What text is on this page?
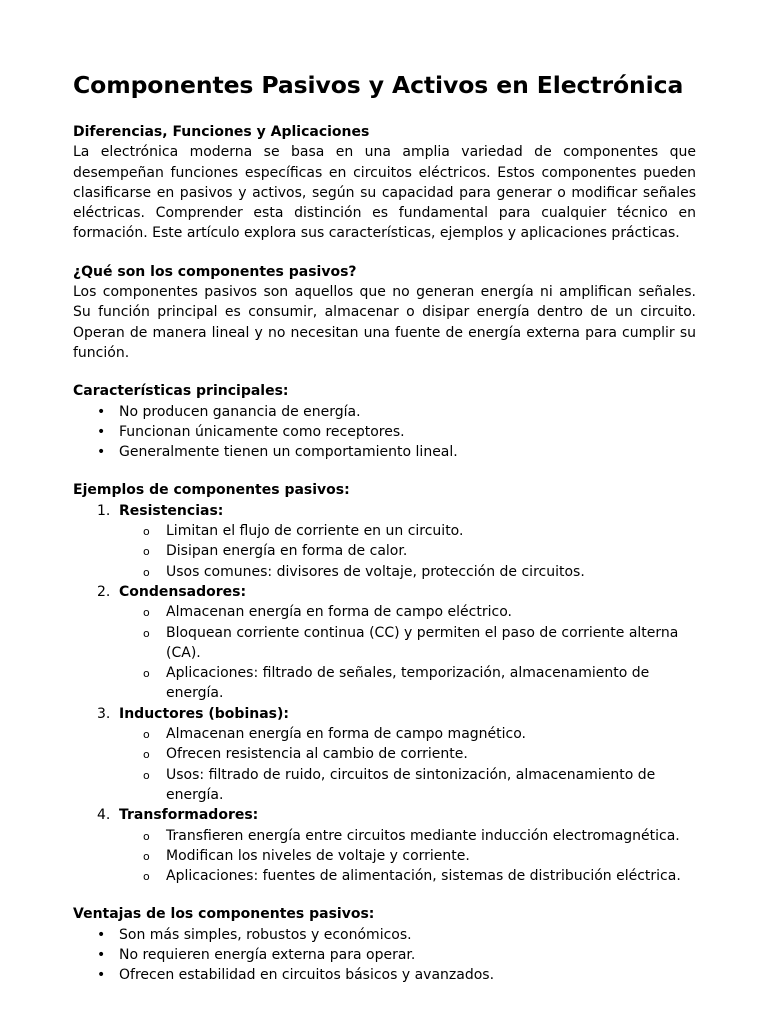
Componentes Pasivos y Activos en Electrónica
Diferencias, Funciones y Aplicaciones

La electrónica moderna se basa en una amplia variedad de componentes que desempeñan funciones específicas en circuitos eléctricos. Estos componentes pueden clasificarse en pasivos y activos, según su capacidad para generar o modificar señales eléctricas. Comprender esta distinción es fundamental para cualquier técnico en formación. Este artículo explora sus características, ejemplos y aplicaciones prácticas.

¿Qué son los componentes pasivos?

Los componentes pasivos son aquellos que no generan energía ni amplifican señales. Su función principal es consumir, almacenar o disipar energía dentro de un circuito. Operan de manera lineal y no necesitan una fuente de energía externa para cumplir su función.

Características principales:
• No producen ganancia de energía.
• Funcionan únicamente como receptores.
• Generalmente tienen un comportamiento lineal.
Ejemplos de componentes pasivos:
1. Resistencias:
o Limitan el flujo de corriente en un circuito.
o Disipan energía en forma de calor.
o Usos comunes: divisores de voltaje, protección de circuitos.
2. Condensadores:
o Almacenan energía en forma de campo eléctrico.
o Bloquean corriente continua (CC) y permiten el paso de corriente alterna (CA).
o Aplicaciones: filtrado de señales, temporización, almacenamiento de energía.
3. Inductores (bobinas):
o Almacenan energía en forma de campo magnético.
o Ofrecen resistencia al cambio de corriente.
o Usos: filtrado de ruido, circuitos de sintonización, almacenamiento de energía.
4. Transformadores:
o Transfieren energía entre circuitos mediante inducción electromagnética.
o Modifican los niveles de voltaje y corriente.
o Aplicaciones: fuentes de alimentación, sistemas de distribución eléctrica.
Ventajas de los componentes pasivos:
• Son más simples, robustos y económicos.
• No requieren energía externa para operar.
• Ofrecen estabilidad en circuitos básicos y avanzados.
